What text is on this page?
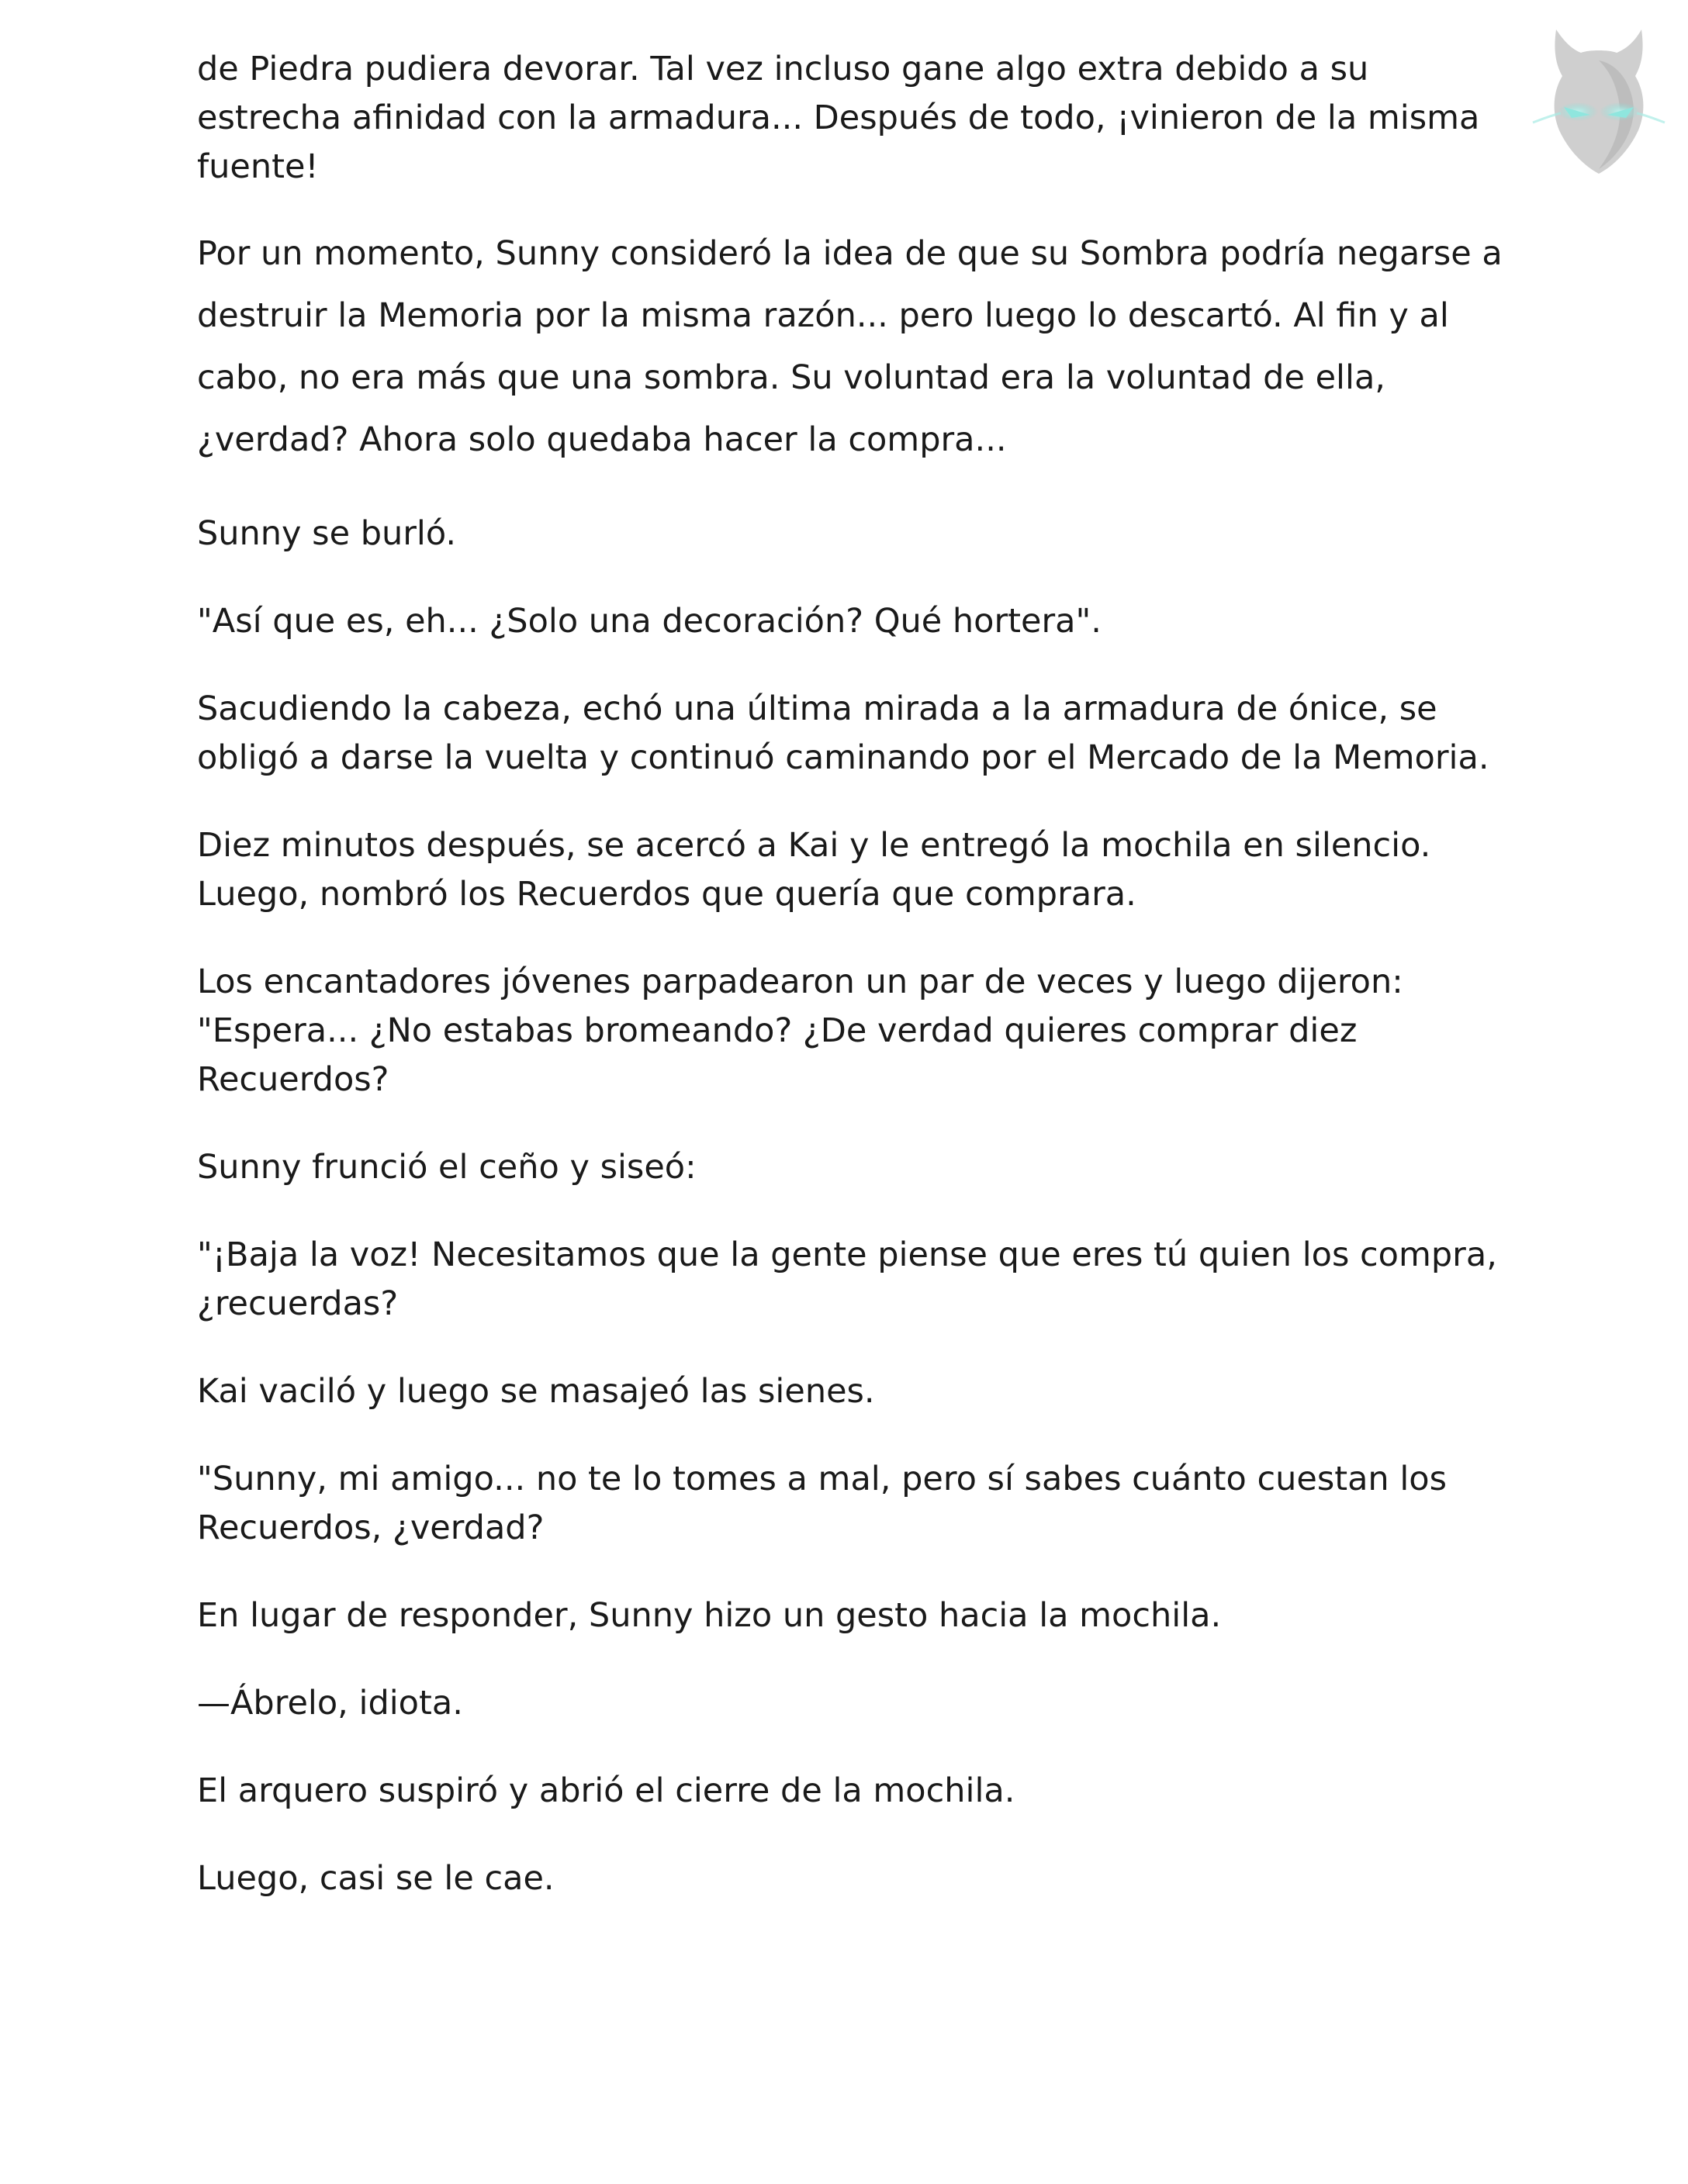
de Piedra pudiera devorar. Tal vez incluso gane algo extra debido a su estrecha afinidad con la armadura... Después de todo, ¡vinieron de la misma fuente!

Por un momento, Sunny consideró la idea de que su Sombra podría negarse a destruir la Memoria por la misma razón... pero luego lo descartó. Al fin y al cabo, no era más que una sombra. Su voluntad era la voluntad de ella, ¿verdad? Ahora solo quedaba hacer la compra...

Sunny se burló.

"Así que es, eh... ¿Solo una decoración? Qué hortera".

Sacudiendo la cabeza, echó una última mirada a la armadura de ónice, se obligó a darse la vuelta y continuó caminando por el Mercado de la Memoria.

Diez minutos después, se acercó a Kai y le entregó la mochila en silencio. Luego, nombró los Recuerdos que quería que comprara.

Los encantadores jóvenes parpadearon un par de veces y luego dijeron: "Espera... ¿No estabas bromeando? ¿De verdad quieres comprar diez Recuerdos?

Sunny frunció el ceño y siseó:

"¡Baja la voz! Necesitamos que la gente piense que eres tú quien los compra, ¿recuerdas?

Kai vaciló y luego se masajeó las sienes.

"Sunny, mi amigo... no te lo tomes a mal, pero sí sabes cuánto cuestan los Recuerdos, ¿verdad?

En lugar de responder, Sunny hizo un gesto hacia la mochila.

—Ábrelo, idiota.

El arquero suspiró y abrió el cierre de la mochila.

Luego, casi se le cae.
